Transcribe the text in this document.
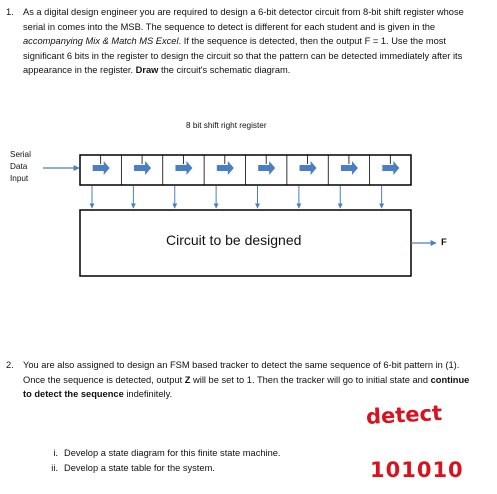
1. As a digital design engineer you are required to design a 6-bit detector circuit from 8-bit shift register whose serial in comes into the MSB. The sequence to detect is different for each student and is given in the accompanying Mix & Match MS Excel. If the sequence is detected, then the output F = 1. Use the most significant 6 bits in the register to design the circuit so that the pattern can be detected immediately after its appearance in the register. Draw the circuit's schematic diagram.
8 bit shift right register
Serial
Data
Input
Circuit to be designed	F
2. You are also assigned to design an FSM based tracker to detect the same sequence of 6-bit pattern in (1). Once the sequence is detected, output Z will be set to 1. Then the tracker will go to initial state and continue to detect the sequence indefinitely.
i. Develop a state diagram for this finite state machine.
ii. Develop a state table for the system.
detect
101010
